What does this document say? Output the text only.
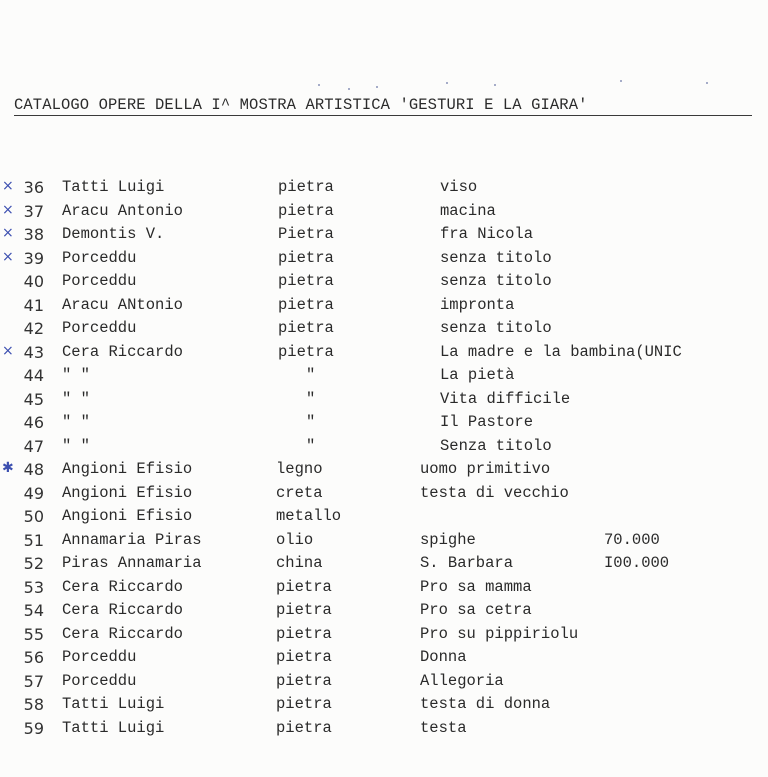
CATALOGO OPERE DELLA I^ MOSTRA ARTISTICA 'GESTURI E LA GIARA'
× 36 Tatti Luigi	pietra	viso
× 37 Aracu Antonio	pietra	macina
× 38 Demontis V.	Pietra	fra Nicola
× 39 Porceddu	pietra	senza titolo
40 Porceddu	pietra	senza titolo
41 Aracu ANtonio	pietra	impronta
42 Porceddu	pietra	senza titolo
× 43 Cera Riccardo	pietra	La madre e la bambina(UNIC
44 " "	"	La pietà
45 " "	"	Vita difficile
46 " "	"	Il Pastore
47 " "	"	Senza titolo
✱ 48 Angioni Efisio	legno	uomo primitivo
49 Angioni Efisio	creta	testa di vecchio
50 Angioni Efisio	metallo
51 Annamaria Piras	olio	spighe	70.000
52 Piras Annamaria	china	S. Barbara	I00.000
53 Cera Riccardo	pietra	Pro sa mamma
54 Cera Riccardo	pietra	Pro sa cetra
55 Cera Riccardo	pietra	Pro su pippiriolu
56 Porceddu	pietra	Donna
57 Porceddu	pietra	Allegoria
58 Tatti Luigi	pietra	testa di donna
59 Tatti Luigi	pietra	testa
